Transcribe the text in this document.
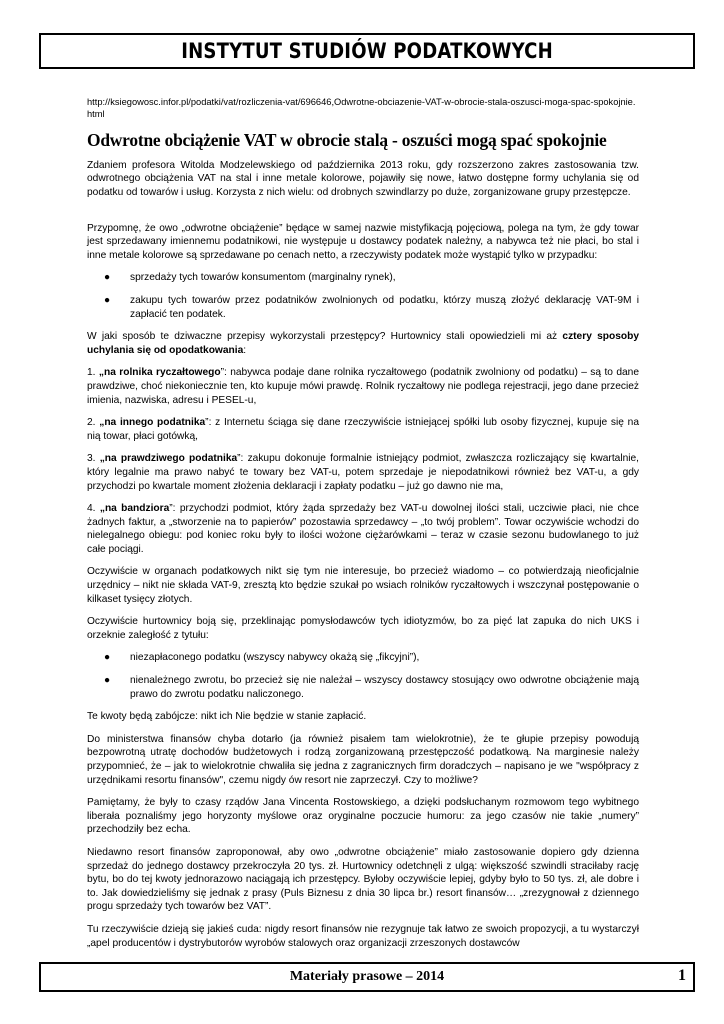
INSTYTUT STUDIÓW PODATKOWYCH

http://ksiegowosc.infor.pl/podatki/vat/rozliczenia-vat/696646,Odwrotne-obciazenie-VAT-w-obrocie-stala-oszusci-moga-spac-spokojnie.html

Odwrotne obciążenie VAT w obrocie stalą - oszuści mogą spać spokojnie

Zdaniem profesora Witolda Modzelewskiego od października 2013 roku, gdy rozszerzono zakres zastosowania tzw. odwrotnego obciążenia VAT na stal i inne metale kolorowe, pojawiły się nowe, łatwo dostępne formy uchylania się od podatku od towarów i usług. Korzysta z nich wielu: od drobnych szwindlarzy po duże, zorganizowane grupy przestępcze.

Przypomnę, że owo „odwrotne obciążenie” będące w samej nazwie mistyfikacją pojęciową, polega na tym, że gdy towar jest sprzedawany imiennemu podatnikowi, nie występuje u dostawcy podatek należny, a nabywca też nie płaci, bo stal i inne metale kolorowe są sprzedawane po cenach netto, a rzeczywisty podatek może wystąpić tylko w przypadku:

● sprzedaży tych towarów konsumentom (marginalny rynek),
● zakupu tych towarów przez podatników zwolnionych od podatku, którzy muszą złożyć deklarację VAT-9M i zapłacić ten podatek.

W jaki sposób te dziwaczne przepisy wykorzystali przestępcy? Hurtownicy stali opowiedzieli mi aż cztery sposoby uchylania się od opodatkowania:

1. „na rolnika ryczałtowego”: nabywca podaje dane rolnika ryczałtowego (podatnik zwolniony od podatku) – są to dane prawdziwe, choć niekoniecznie ten, kto kupuje mówi prawdę. Rolnik ryczałtowy nie podlega rejestracji, jego dane przecież imienia, nazwiska, adresu i PESEL-u,

2. „na innego podatnika”: z Internetu ściąga się dane rzeczywiście istniejącej spółki lub osoby fizycznej, kupuje się na nią towar, płaci gotówką,

3. „na prawdziwego podatnika”: zakupu dokonuje formalnie istniejący podmiot, zwłaszcza rozliczający się kwartalnie, który legalnie ma prawo nabyć te towary bez VAT-u, potem sprzedaje je niepodatnikowi również bez VAT-u, a gdy przychodzi po kwartale moment złożenia deklaracji i zapłaty podatku – już go dawno nie ma,

4. „na bandziora”: przychodzi podmiot, który żąda sprzedaży bez VAT-u dowolnej ilości stali, uczciwie płaci, nie chce żadnych faktur, a „stworzenie na to papierów” pozostawia sprzedawcy – „to twój problem”. Towar oczywiście wchodzi do nielegalnego obiegu: pod koniec roku były to ilości wożone ciężarówkami – teraz w czasie sezonu budowlanego to już całe pociągi.

Oczywiście w organach podatkowych nikt się tym nie interesuje, bo przecież wiadomo – co potwierdzają nieoficjalnie urzędnicy – nikt nie składa VAT-9, zresztą kto będzie szukał po wsiach rolników ryczałtowych i wszczynał postępowanie o kilkaset tysięcy złotych.

Oczywiście hurtownicy boją się, przeklinając pomysłodawców tych idiotyzmów, bo za pięć lat zapuka do nich UKS i orzeknie zaległość z tytułu:

● niezapłaconego podatku (wszyscy nabywcy okażą się „fikcyjni”),
● nienależnego zwrotu, bo przecież się nie należał – wszyscy dostawcy stosujący owo odwrotne obciążenie mają prawo do zwrotu podatku naliczonego.

Te kwoty będą zabójcze: nikt ich Nie będzie w stanie zapłacić.

Do ministerstwa finansów chyba dotarło (ja również pisałem tam wielokrotnie), że te głupie przepisy powodują bezpowrotną utratę dochodów budżetowych i rodzą zorganizowaną przestępczość podatkową. Na marginesie należy przypomnieć, że – jak to wielokrotnie chwaliła się jedna z zagranicznych firm doradczych – napisano je we "współpracy z urzędnikami resortu finansów", czemu nigdy ów resort nie zaprzeczył. Czy to możliwe?

Pamiętamy, że były to czasy rządów Jana Vincenta Rostowskiego, a dzięki podsłuchanym rozmowom tego wybitnego liberała poznaliśmy jego horyzonty myślowe oraz oryginalne poczucie humoru: za jego czasów nie takie „numery” przechodziły bez echa.

Niedawno resort finansów zaproponował, aby owo „odwrotne obciążenie” miało zastosowanie dopiero gdy dzienna sprzedaż do jednego dostawcy przekroczyła 20 tys. zł. Hurtownicy odetchnęli z ulgą: większość szwindli straciłaby rację bytu, bo do tej kwoty jednorazowo naciągają ich przestępcy. Byłoby oczywiście lepiej, gdyby było to 50 tys. zł, ale dobre i to. Jak dowiedzieliśmy się jednak z prasy (Puls Biznesu z dnia 30 lipca br.) resort finansów… „zrezygnował z dziennego progu sprzedaży tych towarów bez VAT”.

Tu rzeczywiście dzieją się jakieś cuda: nigdy resort finansów nie rezygnuje tak łatwo ze swoich propozycji, a tu wystarczył „apel producentów i dystrybutorów wyrobów stalowych oraz organizacji zrzeszonych dostawców

Materiały prasowe – 2014	1
